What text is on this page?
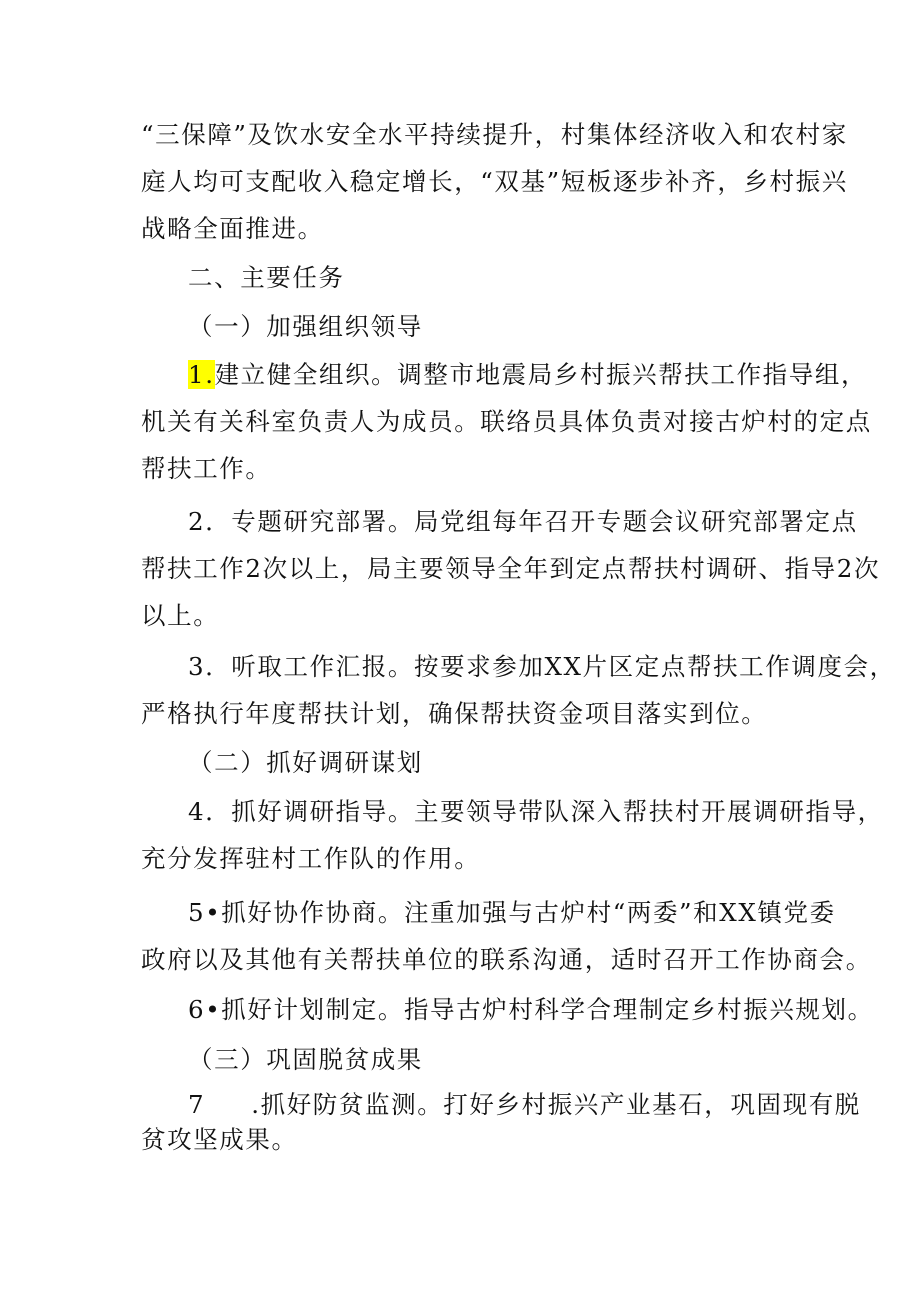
“三保障”及饮水安全水平持续提升，村集体经济收入和农村家
庭人均可支配收入稳定增长，“双基”短板逐步补齐，乡村振兴
战略全面推进。
二、主要任务
（一）加强组织领导
1.建立健全组织。调整市地震局乡村振兴帮扶工作指导组，
机关有关科室负责人为成员。联络员具体负责对接古炉村的定点
帮扶工作。
2．专题研究部署。局党组每年召开专题会议研究部署定点
帮扶工作2次以上，局主要领导全年到定点帮扶村调研、指导2次
以上。
3．听取工作汇报。按要求参加XX片区定点帮扶工作调度会，
严格执行年度帮扶计划，确保帮扶资金项目落实到位。
（二）抓好调研谋划
4．抓好调研指导。主要领导带队深入帮扶村开展调研指导，
充分发挥驻村工作队的作用。
5•抓好协作协商。注重加强与古炉村“两委”和XX镇党委
政府以及其他有关帮扶单位的联系沟通，适时召开工作协商会。
6•抓好计划制定。指导古炉村科学合理制定乡村振兴规划。
（三）巩固脱贫成果
7 .抓好防贫监测。打好乡村振兴产业基石，巩固现有脱
贫攻坚成果。
